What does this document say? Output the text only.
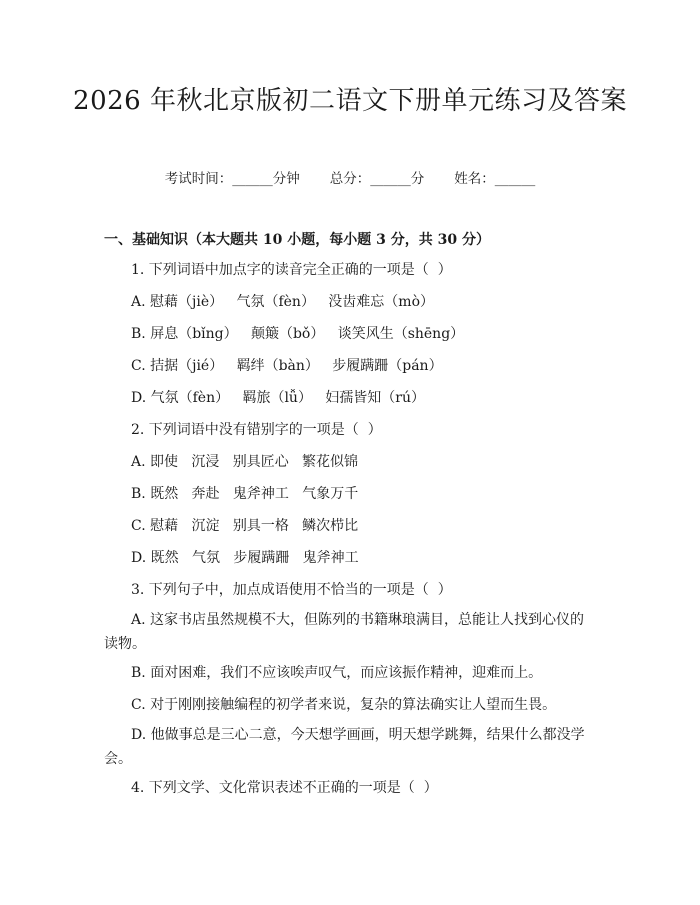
2026 年秋北京版初二语文下册单元练习及答案
考试时间：______分钟 总分：______分 姓名：______
一、基础知识（本大题共 10 小题，每小题 3 分，共 30 分）
1. 下列词语中加点字的读音完全正确的一项是（  ）
A. 慰藉（jiè）   气氛（fèn）   没齿难忘（mò）
B. 屏息（bǐng）   颠簸（bǒ）   谈笑风生（shēng）
C. 拮据（jié）   羁绊（bàn）   步履蹒跚（pán）
D. 气氛（fèn）   羁旅（lǚ）   妇孺皆知（rú）
2. 下列词语中没有错别字的一项是（  ）
A. 即使   沉浸   别具匠心   繁花似锦
B. 既然   奔赴   鬼斧神工   气象万千
C. 慰藉   沉淀   别具一格   鳞次栉比
D. 既然   气氛   步履蹒跚   鬼斧神工
3. 下列句子中，加点成语使用不恰当的一项是（  ）
A. 这家书店虽然规模不大，但陈列的书籍琳琅满目，总能让人找到心仪的读物。
B. 面对困难，我们不应该唉声叹气，而应该振作精神，迎难而上。
C. 对于刚刚接触编程的初学者来说，复杂的算法确实让人望而生畏。
D. 他做事总是三心二意，今天想学画画，明天想学跳舞，结果什么都没学会。
4. 下列文学、文化常识表述不正确的一项是（  ）
